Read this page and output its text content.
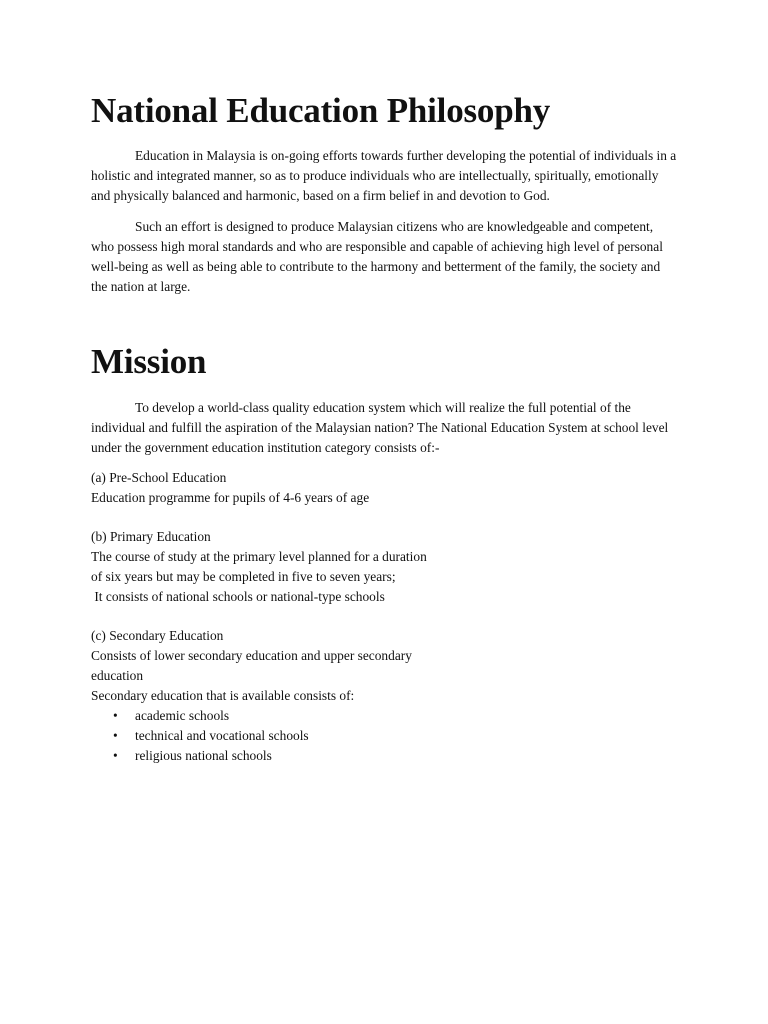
National Education Philosophy

Education in Malaysia is on-going efforts towards further developing the potential of individuals in a holistic and integrated manner, so as to produce individuals who are intellectually, spiritually, emotionally and physically balanced and harmonic, based on a firm belief in and devotion to God.

Such an effort is designed to produce Malaysian citizens who are knowledgeable and competent, who possess high moral standards and who are responsible and capable of achieving high level of personal well-being as well as being able to contribute to the harmony and betterment of the family, the society and the nation at large.

Mission

To develop a world-class quality education system which will realize the full potential of the individual and fulfill the aspiration of the Malaysian nation? The National Education System at school level under the government education institution category consists of:-

(a) Pre-School Education
Education programme for pupils of 4-6 years of age
(b) Primary Education
The course of study at the primary level planned for a duration
of six years but may be completed in five to seven years;
It consists of national schools or national-type schools
(c) Secondary Education
Consists of lower secondary education and upper secondary
education
Secondary education that is available consists of:
• academic schools
• technical and vocational schools
• religious national schools
